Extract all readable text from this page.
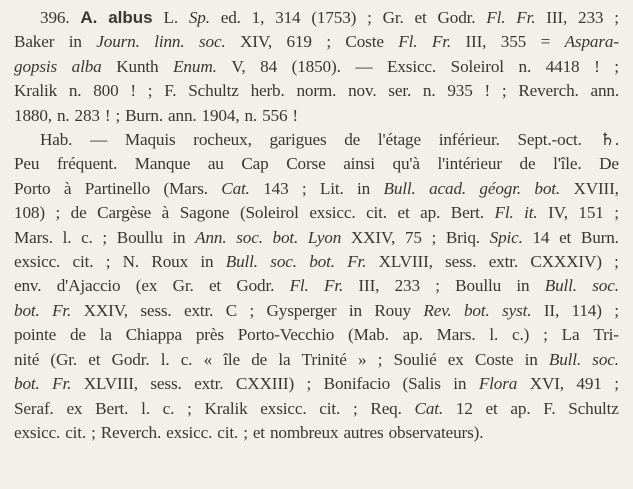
396. A. albus L. Sp. ed. 1, 314 (1753) ; Gr. et Godr. Fl. Fr. III, 233 ;
Baker in Journ. linn. soc. XIV, 619 ; Coste Fl. Fr. III, 355 = Aspara-
gopsis alba Kunth Enum. V, 84 (1850). — Exsicc. Soleirol n. 4418 ! ;
Kralik n. 800 ! ; F. Schultz herb. norm. nov. ser. n. 935 ! ; Reverch. ann.
1880, n. 283 ! ; Burn. ann. 1904, n. 556 !
Hab. — Maquis rocheux, garigues de l'étage inférieur. Sept.-oct. ♄.
Peu fréquent. Manque au Cap Corse ainsi qu'à l'intérieur de l'île. De
Porto à Partinello (Mars. Cat. 143 ; Lit. in Bull. acad. géogr. bot. XVIII,
108) ; de Cargèse à Sagone (Soleirol exsicc. cit. et ap. Bert. Fl. it. IV, 151 ;
Mars. l. c. ; Boullu in Ann. soc. bot. Lyon XXIV, 75 ; Briq. Spic. 14 et Burn.
exsicc. cit. ; N. Roux in Bull. soc. bot. Fr. XLVIII, sess. extr. CXXXIV) ;
env. d'Ajaccio (ex Gr. et Godr. Fl. Fr. III, 233 ; Boullu in Bull. soc.
bot. Fr. XXIV, sess. extr. C ; Gysperger in Rouy Rev. bot. syst. II, 114) ;
pointe de la Chiappa près Porto-Vecchio (Mab. ap. Mars. l. c.) ; La Tri-
nité (Gr. et Godr. l. c. « île de la Trinité » ; Soulié ex Coste in Bull. soc.
bot. Fr. XLVIII, sess. extr. CXXIII) ; Bonifacio (Salis in Flora XVI, 491 ;
Seraf. ex Bert. l. c. ; Kralik exsicc. cit. ; Req. Cat. 12 et ap. F. Schultz
exsicc. cit. ; Reverch. exsicc. cit. ; et nombreux autres observateurs).
